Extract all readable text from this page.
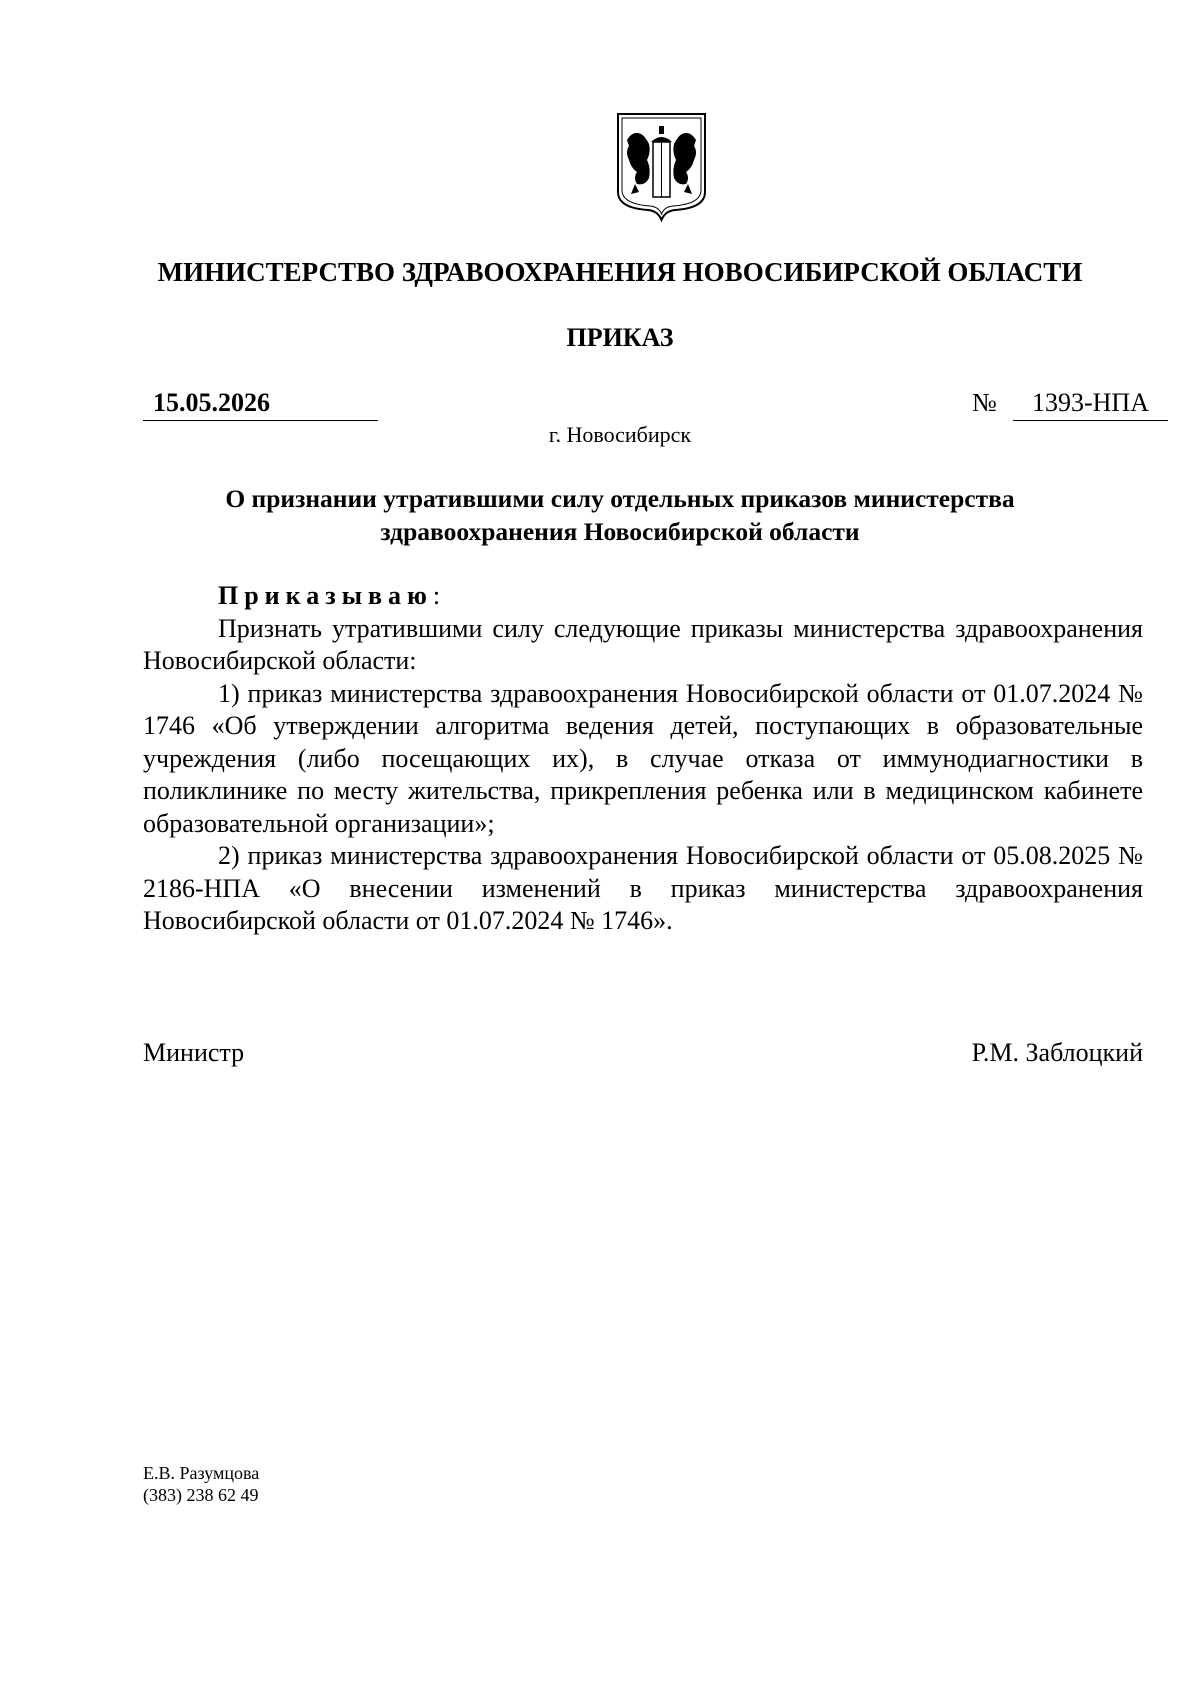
МИНИСТЕРСТВО ЗДРАВООХРАНЕНИЯ НОВОСИБИРСКОЙ ОБЛАСТИ
ПРИКАЗ
15.05.2026	№	1393-НПА
г. Новосибирск
О признании утратившими силу отдельных приказов министерства
здравоохранения Новосибирской области

Приказываю:

Признать утратившими силу следующие приказы министерства здравоохранения Новосибирской области:

1) приказ министерства здравоохранения Новосибирской области от 01.07.2024 № 1746 «Об утверждении алгоритма ведения детей, поступающих в образовательные учреждения (либо посещающих их), в случае отказа от иммунодиагностики в поликлинике по месту жительства, прикрепления ребенка или в медицинском кабинете образовательной организации»;

2) приказ министерства здравоохранения Новосибирской области от 05.08.2025 № 2186-НПА «О внесении изменений в приказ министерства здравоохранения Новосибирской области от 01.07.2024 № 1746».

Министр	Р.М. Заблоцкий
Е.В. Разумцова
(383) 238 62 49
